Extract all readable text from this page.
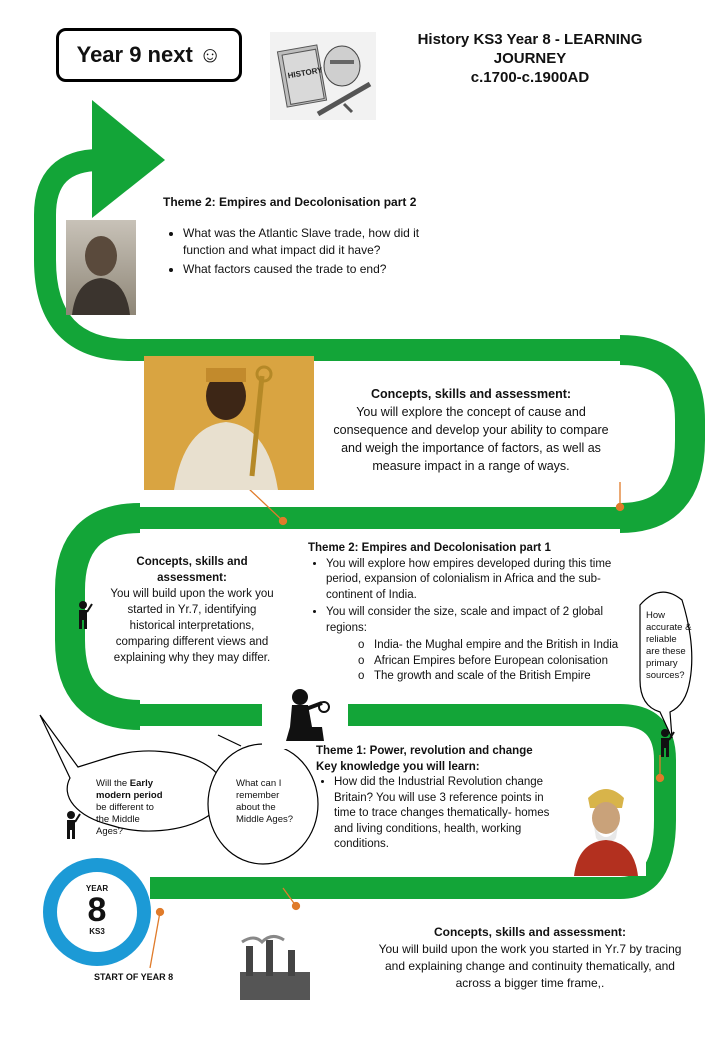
Year 9 next ☺
HISTORY
History KS3 Year 8 - LEARNING
JOURNEY
c.1700-c.1900AD
Theme 2: Empires and Decolonisation part 2
• What was the Atlantic Slave trade, how did it function and what impact did it have?
• What factors caused the trade to end?
Concepts, skills and assessment:
You will explore the concept of cause and consequence and develop your ability to compare and weigh the importance of factors, as well as measure impact in a range of ways.
Concepts, skills and assessment:
You will build upon the work you started in Yr.7, identifying historical interpretations, comparing different views and explaining why they may differ.
Theme 2: Empires and Decolonisation part 1
• You will explore how empires developed during this time period, expansion of colonialism in Africa and the sub-continent of India.
• You will consider the size, scale and impact of 2 global regions:
o India- the Mughal empire and the British in India
o African Empires before European colonisation
o The growth and scale of the British Empire
How accurate & reliable are these primary sources?
Will the Early modern period be different to the Middle Ages?
What can I remember about the Middle Ages?
Theme 1: Power, revolution and change
Key knowledge you will learn:
• How did the Industrial Revolution change Britain? You will use 3 reference points in time to trace changes thematically- homes and living conditions, health, working conditions.
YEAR
8
KS3
START OF YEAR 8
Concepts, skills and assessment:
You will build upon the work you started in Yr.7 by tracing and explaining change and continuity thematically, and across a bigger time frame,.
